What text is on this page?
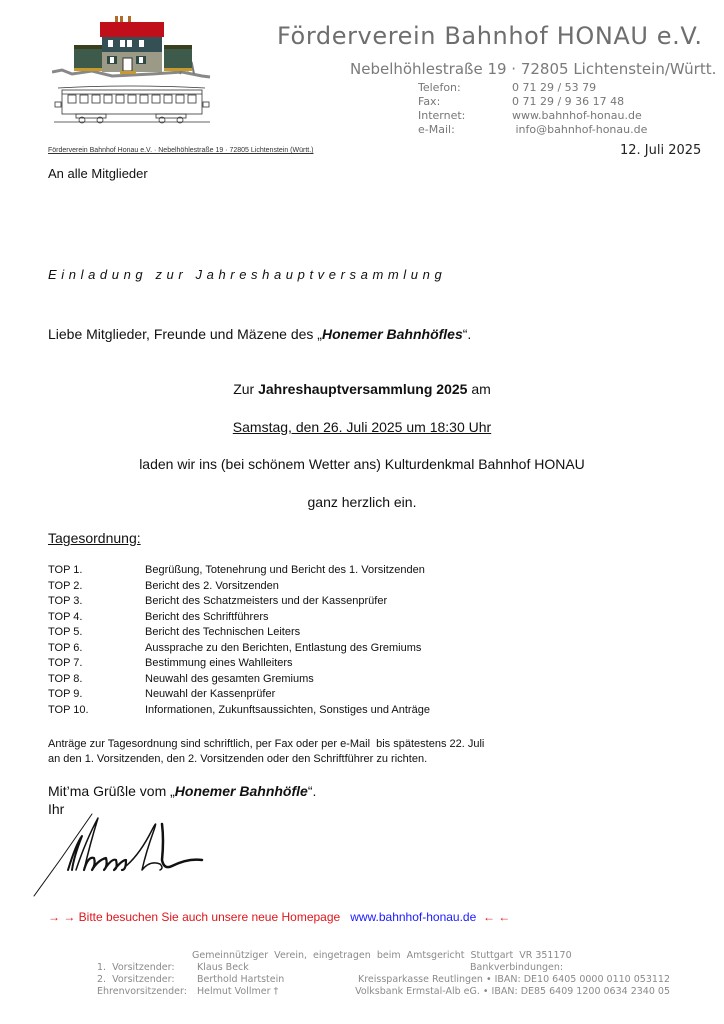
Förderverein Bahnhof HONAU e.V.
Nebelhöhlestraße 19 · 72805 Lichtenstein/Württ.
Telefon:	0 71 29 / 53 79
Fax:	0 71 29 / 9 36 17 48
Internet:	www.bahnhof-honau.de
e-Mail:	info@bahnhof-honau.de
Förderverein Bahnhof Honau e.V. · Nebelhöhlestraße 19 · 72805 Lichtenstein (Württ.)	12. Juli 2025
An alle Mitglieder
Einladung zur Jahreshauptversammlung
Liebe Mitglieder, Freunde und Mäzene des „Honemer Bahnhöfles“.
Zur Jahreshauptversammlung 2025 am
Samstag, den 26. Juli 2025 um 18:30 Uhr
laden wir ins (bei schönem Wetter ans) Kulturdenkmal Bahnhof HONAU
ganz herzlich ein.
Tagesordnung:
TOP 1.	Begrüßung, Totenehrung und Bericht des 1. Vorsitzenden
TOP 2.	Bericht des 2. Vorsitzenden
TOP 3.	Bericht des Schatzmeisters und der Kassenprüfer
TOP 4.	Bericht des Schriftführers
TOP 5.	Bericht des Technischen Leiters
TOP 6.	Aussprache zu den Berichten, Entlastung des Gremiums
TOP 7.	Bestimmung eines Wahlleiters
TOP 8.	Neuwahl des gesamten Gremiums
TOP 9.	Neuwahl der Kassenprüfer
TOP 10.	Informationen, Zukunftsaussichten, Sonstiges und Anträge
Anträge zur Tagesordnung sind schriftlich, per Fax oder per e-Mail  bis spätestens 22. Juli
an den 1. Vorsitzenden, den 2. Vorsitzenden oder den Schriftführer zu richten.
Mit’ma Grüßle vom „Honemer Bahnhöfle“.
Ihr
→ → Bitte besuchen Sie auch unsere neue Homepage   www.bahnhof-honau.de  ← ←
Gemeinnütziger  Verein,  eingetragen  beim  Amtsgericht  Stuttgart  VR 351170
Bankverbindungen:
1.  Vorsitzender:	Klaus Beck
2.  Vorsitzender:	Berthold Hartstein
Ehrenvorsitzender:	Helmut Vollmer †
Kreissparkasse Reutlingen • IBAN: DE10 6405 0000 0110 053112
Volksbank Ermstal-Alb eG. • IBAN: DE85 6409 1200 0634 2340 05
